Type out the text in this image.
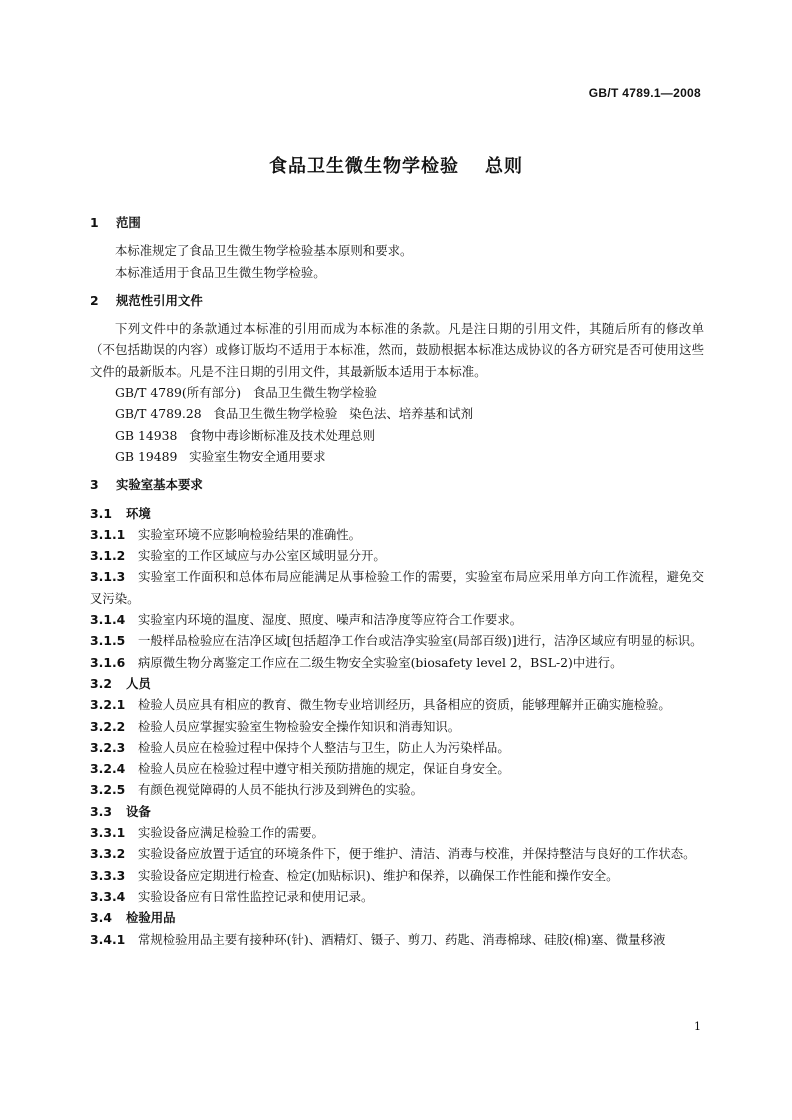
GB/T 4789.1—2008
食品卫生微生物学检验 总则
1 范围
本标准规定了食品卫生微生物学检验基本原则和要求。
本标准适用于食品卫生微生物学检验。
2 规范性引用文件
下列文件中的条款通过本标准的引用而成为本标准的条款。凡是注日期的引用文件，其随后所有的修改单（不包括勘误的内容）或修订版均不适用于本标准，然而，鼓励根据本标准达成协议的各方研究是否可使用这些文件的最新版本。凡是不注日期的引用文件，其最新版本适用于本标准。
GB/T 4789(所有部分)   食品卫生微生物学检验
GB/T 4789.28   食品卫生微生物学检验   染色法、培养基和试剂
GB 14938   食物中毒诊断标准及技术处理总则
GB 19489   实验室生物安全通用要求
3 实验室基本要求
3.1 环境
3.1.1 实验室环境不应影响检验结果的准确性。
3.1.2 实验室的工作区域应与办公室区域明显分开。
3.1.3 实验室工作面积和总体布局应能满足从事检验工作的需要，实验室布局应采用单方向工作流程，避免交叉污染。
3.1.4 实验室内环境的温度、湿度、照度、噪声和洁净度等应符合工作要求。
3.1.5 一般样品检验应在洁净区域[包括超净工作台或洁净实验室(局部百级)]进行，洁净区域应有明显的标识。
3.1.6 病原微生物分离鉴定工作应在二级生物安全实验室(biosafety level 2，BSL-2)中进行。
3.2 人员
3.2.1 检验人员应具有相应的教育、微生物专业培训经历，具备相应的资质，能够理解并正确实施检验。
3.2.2 检验人员应掌握实验室生物检验安全操作知识和消毒知识。
3.2.3 检验人员应在检验过程中保持个人整洁与卫生，防止人为污染样品。
3.2.4 检验人员应在检验过程中遵守相关预防措施的规定，保证自身安全。
3.2.5 有颜色视觉障碍的人员不能执行涉及到辨色的实验。
3.3 设备
3.3.1 实验设备应满足检验工作的需要。
3.3.2 实验设备应放置于适宜的环境条件下，便于维护、清洁、消毒与校准，并保持整洁与良好的工作状态。
3.3.3 实验设备应定期进行检查、检定(加贴标识)、维护和保养，以确保工作性能和操作安全。
3.3.4 实验设备应有日常性监控记录和使用记录。
3.4 检验用品
3.4.1 常规检验用品主要有接种环(针)、酒精灯、镊子、剪刀、药匙、消毒棉球、硅胶(棉)塞、微量移液
1
